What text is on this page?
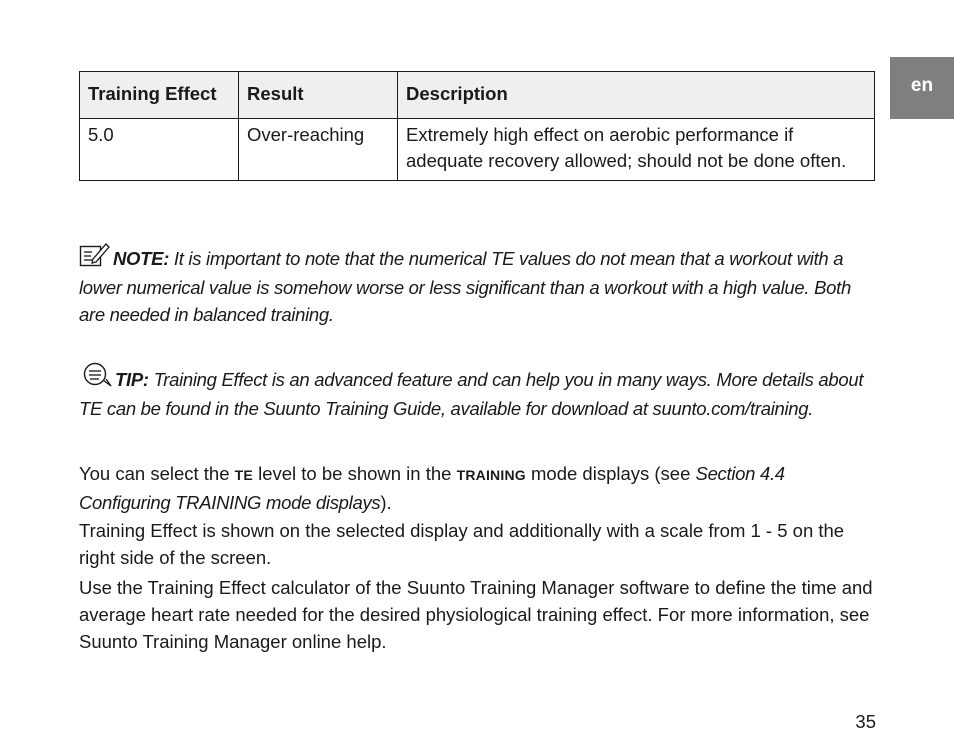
en
Training Effect	Result	Description
5.0	Over-reaching	Extremely high effect on aerobic performance if adequate recovery allowed; should not be done often.
NOTE: It is important to note that the numerical TE values do not mean that a workout with a lower numerical value is somehow worse or less significant than a workout with a high value. Both are needed in balanced training.
TIP: Training Effect is an advanced feature and can help you in many ways. More details about TE can be found in the Suunto Training Guide, available for download at suunto.com/training.
You can select the TE level to be shown in the TRAINING mode displays (see Section 4.4 Configuring TRAINING mode displays).
Training Effect is shown on the selected display and additionally with a scale from 1 - 5 on the right side of the screen.
Use the Training Effect calculator of the Suunto Training Manager software to define the time and average heart rate needed for the desired physiological training effect. For more information, see Suunto Training Manager online help.
35
